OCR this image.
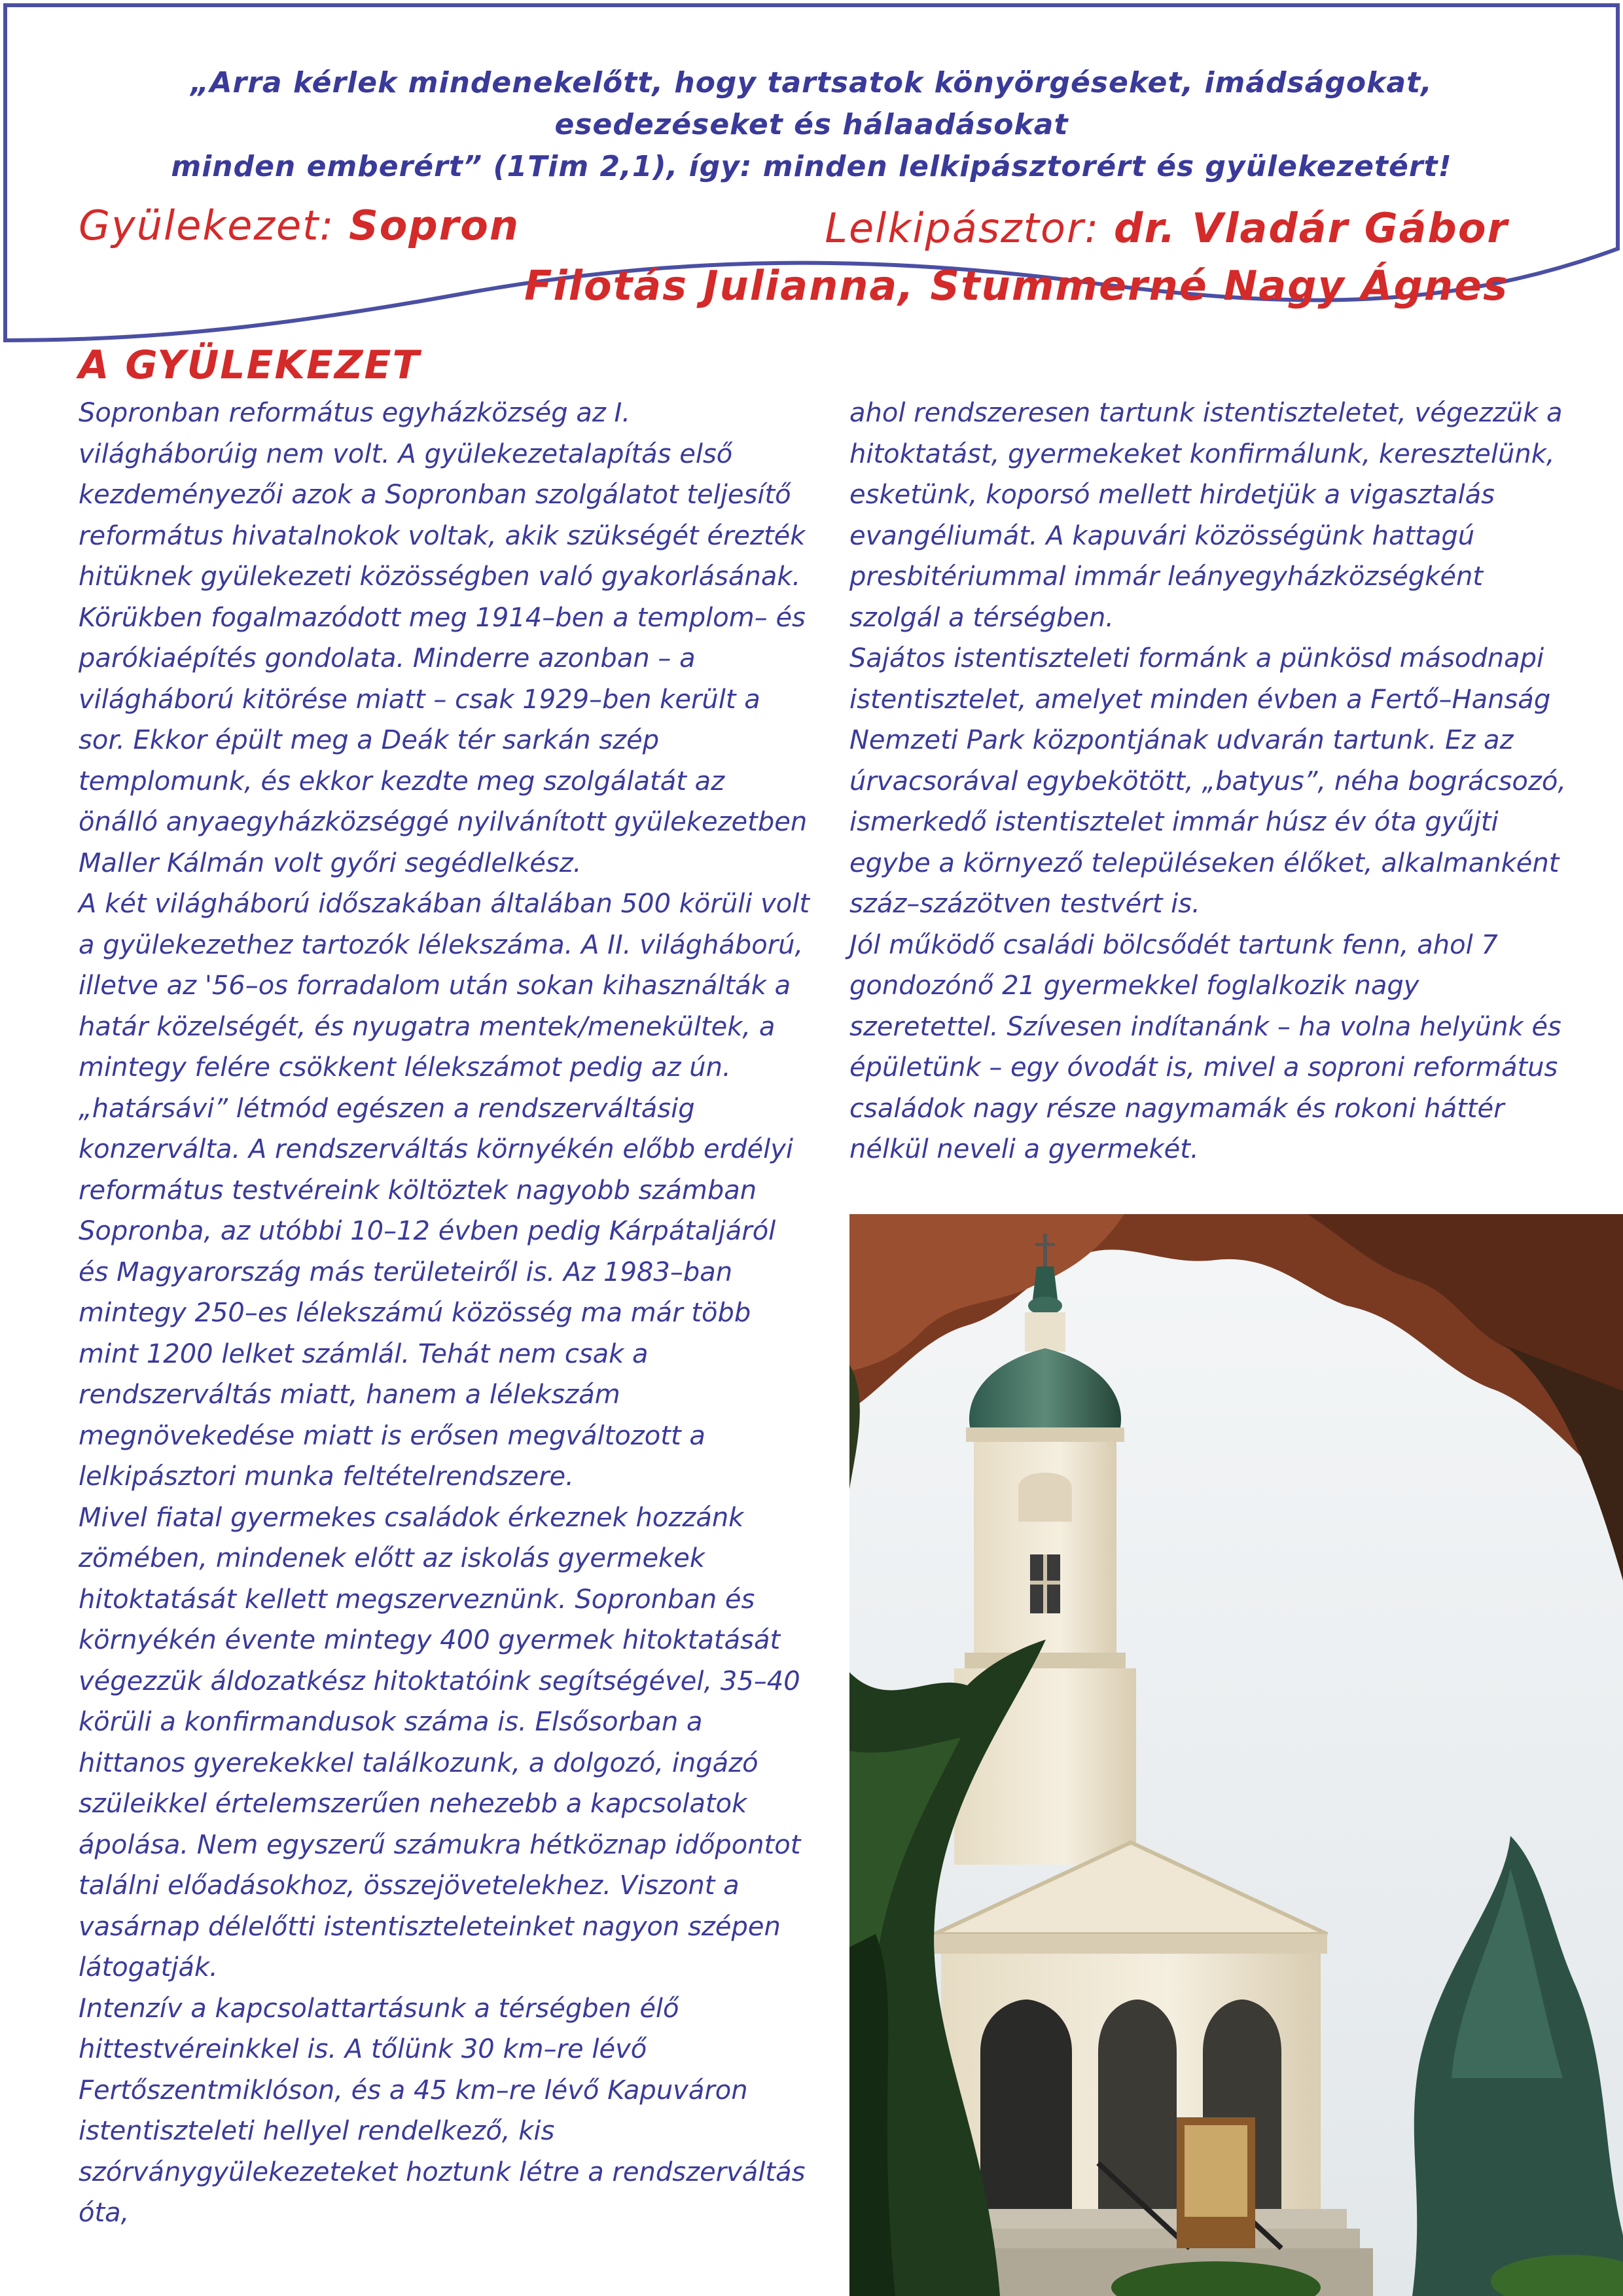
„Arra kérlek mindenekelőtt, hogy tartsatok könyörgéseket, imádságokat, esedezéseket és hálaadásokat
minden emberért” (1Tim 2,1), így: minden lelkipásztorért és gyülekezetért!

Gyülekezet: Sopron	Lelkipásztor: dr. Vladár Gábor
Filotás Julianna, Stummerné Nagy Ágnes
A GYÜLEKEZET

Sopronban református egyházközség az I. világháborúig nem volt. A gyülekezetalapítás első kezdeményezői azok a Sopronban szolgálatot teljesítő református hivatalnokok voltak, akik szükségét érezték hitüknek gyülekezeti közösségben való gyakorlásának. Körükben fogalmazódott meg 1914–ben a templom– és parókiaépítés gondolata. Minderre azonban – a világháború kitörése miatt – csak 1929–ben került a sor. Ekkor épült meg a Deák tér sarkán szép templomunk, és ekkor kezdte meg szolgálatát az önálló anyaegyházközséggé nyilvánított gyülekezetben Maller Kálmán volt győri segédlelkész.

A két világháború időszakában általában 500 körüli volt a gyülekezethez tartozók lélekszáma. A II. világháború, illetve az '56–os forradalom után sokan kihasználták a határ közelségét, és nyugatra mentek/menekültek, a mintegy felére csökkent lélekszámot pedig az ún. „határsávi” létmód egészen a rendszerváltásig konzerválta. A rendszerváltás környékén előbb erdélyi református testvéreink költöztek nagyobb számban Sopronba, az utóbbi 10–12 évben pedig Kárpátaljáról és Magyarország más területeiről is. Az 1983–ban mintegy 250–es lélekszámú közösség ma már több mint 1200 lelket számlál. Tehát nem csak a rendszerváltás miatt, hanem a lélekszám megnövekedése miatt is erősen megváltozott a lelkipásztori munka feltételrendszere.

Mivel fiatal gyermekes családok érkeznek hozzánk zömében, mindenek előtt az iskolás gyermekek hitoktatását kellett megszerveznünk. Sopronban és környékén évente mintegy 400 gyermek hitoktatását végezzük áldozatkész hitoktatóink segítségével, 35–40 körüli a konfirmandusok száma is. Elsősorban a hittanos gyerekekkel találkozunk, a dolgozó, ingázó szüleikkel értelemszerűen nehezebb a kapcsolatok ápolása. Nem egyszerű számukra hétköznap időpontot találni előadásokhoz, összejövetelekhez. Viszont a vasárnap délelőtti istentiszteleteinket nagyon szépen látogatják.

Intenzív a kapcsolattartásunk a térségben élő hittestvéreinkkel is. A tőlünk 30 km–re lévő Fertőszentmiklóson, és a 45 km–re lévő Kapuváron istentiszteleti hellyel rendelkező, kis szórványgyülekezeteket hoztunk létre a rendszerváltás óta,

ahol rendszeresen tartunk istentiszteletet, végezzük a hitoktatást, gyermekeket konfirmálunk, keresztelünk, esketünk, koporsó mellett hirdetjük a vigasztalás evangéliumát. A kapuvári közösségünk hattagú presbitériummal immár leányegyházközségként szolgál a térségben.

Sajátos istentiszteleti formánk a pünkösd másodnapi istentisztelet, amelyet minden évben a Fertő–Hanság Nemzeti Park központjának udvarán tartunk. Ez az úrvacsorával egybekötött, „batyus”, néha bográcsozó, ismerkedő istentisztelet immár húsz év óta gyűjti egybe a környező településeken élőket, alkalmanként száz–százötven testvért is.

Jól működő családi bölcsődét tartunk fenn, ahol 7 gondozónő 21 gyermekkel foglalkozik nagy szeretettel. Szívesen indítanánk – ha volna helyünk és épületünk – egy óvodát is, mivel a soproni református családok nagy része nagymamák és rokoni háttér nélkül neveli a gyermekét.
